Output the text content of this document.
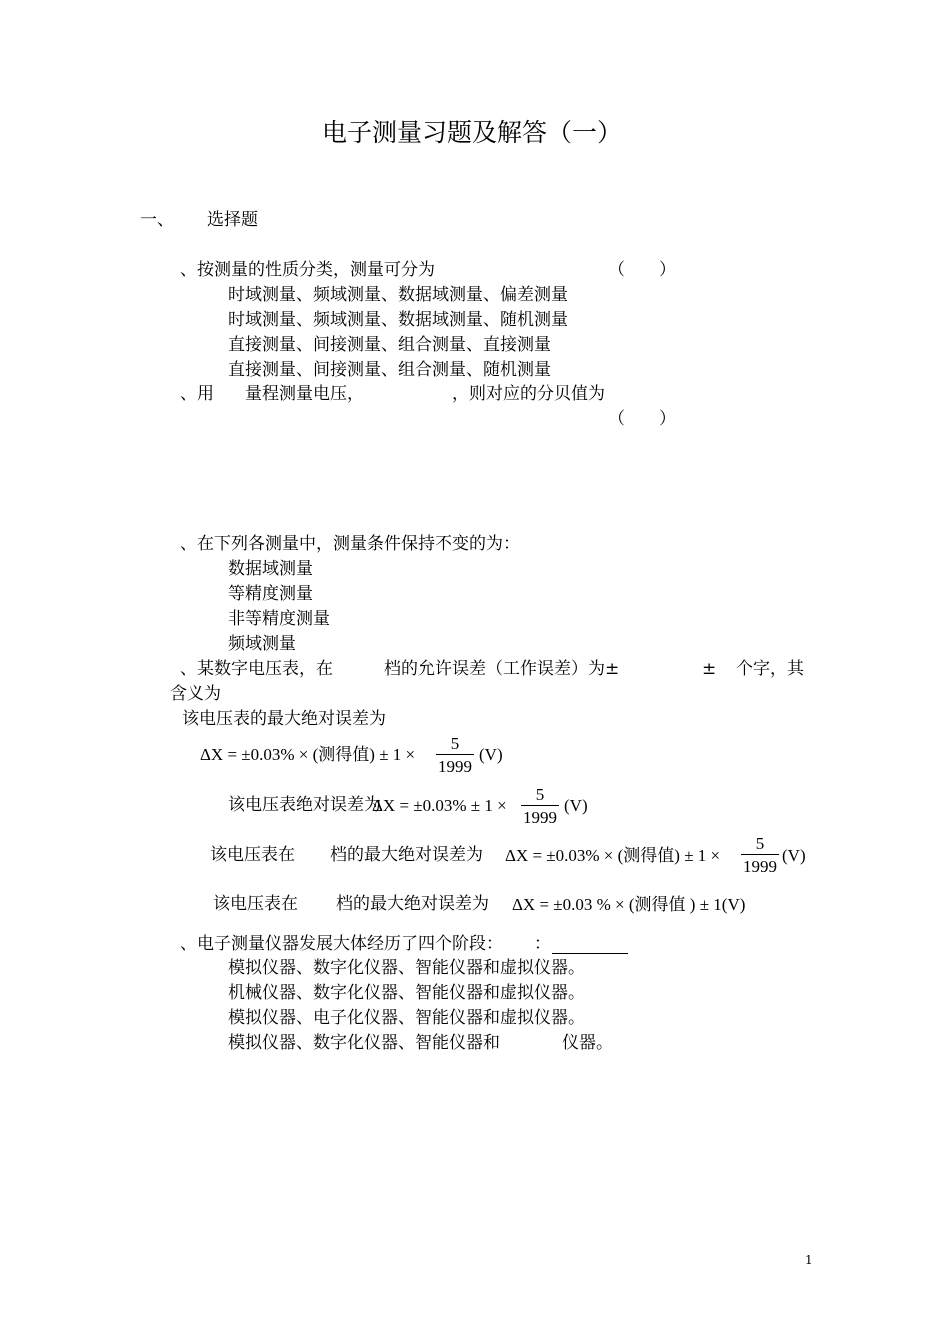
电子测量习题及解答（一）
一、 选择题
、按测量的性质分类，测量可分为	（　　）
时域测量、频域测量、数据域测量、偏差测量
时域测量、频域测量、数据域测量、随机测量
直接测量、间接测量、组合测量、直接测量
直接测量、间接测量、组合测量、随机测量
、用 量程测量电压，	，则对应的分贝值为
（　　）
、在下列各测量中，测量条件保持不变的为：
数据域测量
等精度测量
非等精度测量
频域测量
、某数字电压表，在	档的允许误差（工作误差）为±	± 个字，其
含义为
该电压表的最大绝对误差为
ΔX = ±0.03% × (测得值) ± 1 ×
5
1999
(V)
该电压表绝对误差为
ΔX = ±0.03% ± 1 ×
5
1999
(V)
该电压表在 档的最大绝对误差为 ΔX = ±0.03% × (测得值) ± 1 ×
5
1999
(V)
该电压表在 档的最大绝对误差为 ΔX = ±0.03 % × (测得值 ) ± 1(V)
、电子测量仪器发展大体经历了四个阶段： ：
模拟仪器、数字化仪器、智能仪器和虚拟仪器。
机械仪器、数字化仪器、智能仪器和虚拟仪器。
模拟仪器、电子化仪器、智能仪器和虚拟仪器。
模拟仪器、数字化仪器、智能仪器和	仪器。
1
